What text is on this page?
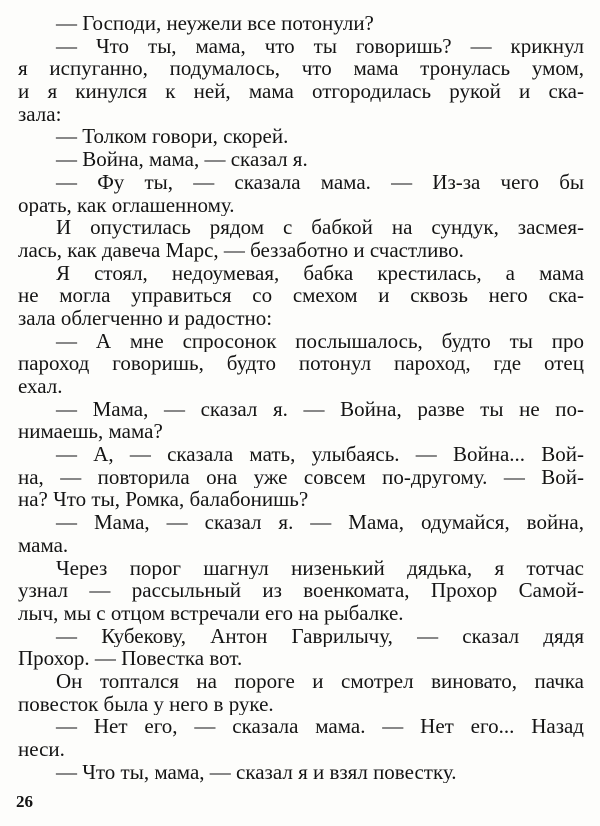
— Господи, неужели все потонули?
— Что ты, мама, что ты говоришь? — крикнул
я испуганно, подумалось, что мама тронулась умом,
и я кинулся к ней, мама отгородилась рукой и ска-
зала:
— Толком говори, скорей.
— Война, мама, — сказал я.
— Фу ты, — сказала мама. — Из-за чего бы
орать, как оглашенному.
И опустилась рядом с бабкой на сундук, засмея-
лась, как давеча Марс, — беззаботно и счастливо.
Я стоял, недоумевая, бабка крестилась, а мама
не могла управиться со смехом и сквозь него ска-
зала облегченно и радостно:
— А мне спросонок послышалось, будто ты про
пароход говоришь, будто потонул пароход, где отец
ехал.
— Мама, — сказал я. — Война, разве ты не по-
нимаешь, мама?
— А, — сказала мать, улыбаясь. — Война... Вой-
на, — повторила она уже совсем по-другому. — Вой-
на? Что ты, Ромка, балабонишь?
— Мама, — сказал я. — Мама, одумайся, война,
мама.
Через порог шагнул низенький дядька, я тотчас
узнал — рассыльный из военкомата, Прохор Самой-
лыч, мы с отцом встречали его на рыбалке.
— Кубекову, Антон Гаврилычу, — сказал дядя
Прохор. — Повестка вот.
Он топтался на пороге и смотрел виновато, пачка
повесток была у него в руке.
— Нет его, — сказала мама. — Нет его... Назад
неси.
— Что ты, мама, — сказал я и взял повестку.
26
